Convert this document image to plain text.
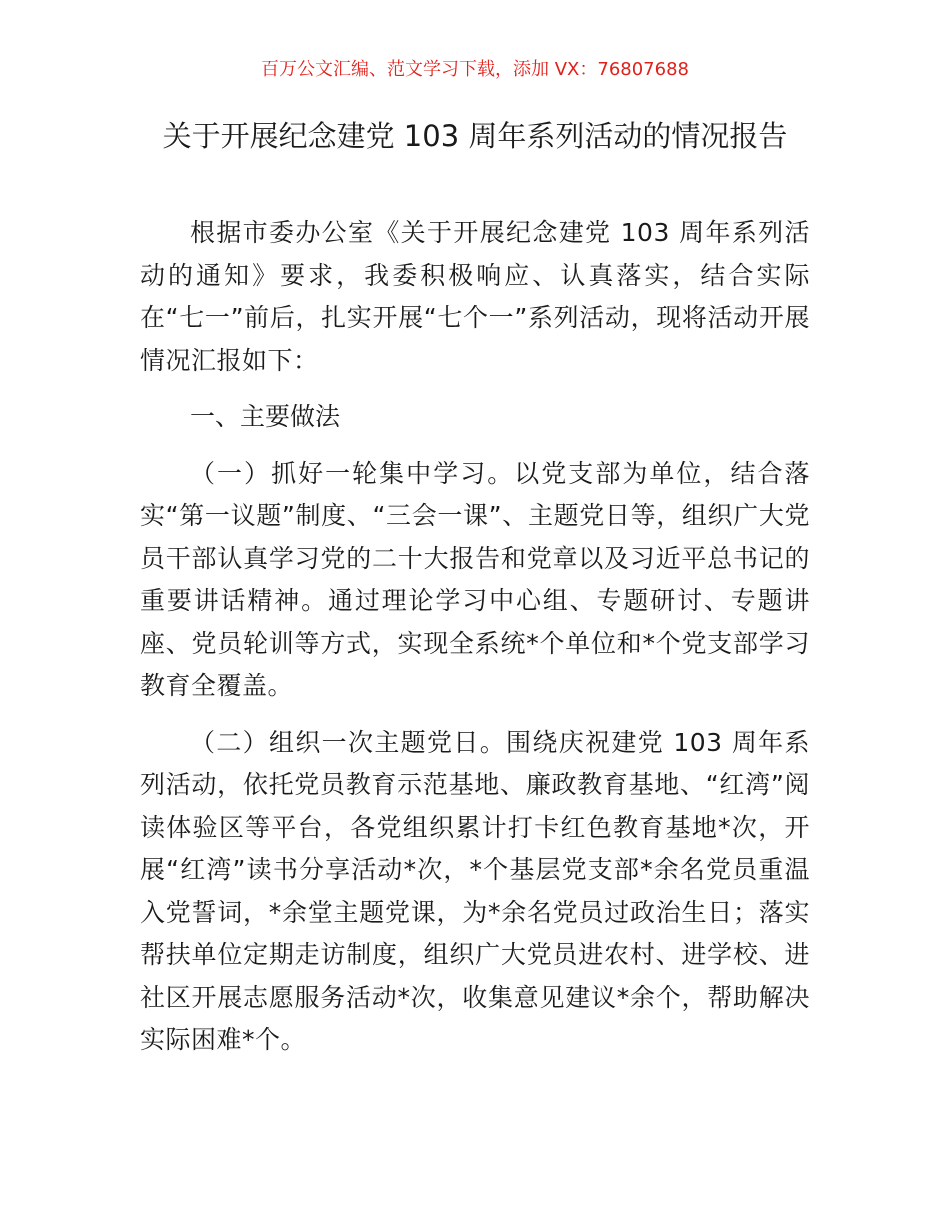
百万公文汇编、范文学习下载，添加 VX：76807688
关于开展纪念建党 103 周年系列活动的情况报告

根据市委办公室《关于开展纪念建党 103 周年系列活动的通知》要求，我委积极响应、认真落实，结合实际在“七一”前后，扎实开展“七个一”系列活动，现将活动开展情况汇报如下：

一、主要做法

（一）抓好一轮集中学习。以党支部为单位，结合落实“第一议题”制度、“三会一课”、主题党日等，组织广大党员干部认真学习党的二十大报告和党章以及习近平总书记的重要讲话精神。通过理论学习中心组、专题研讨、专题讲座、党员轮训等方式，实现全系统*个单位和*个党支部学习教育全覆盖。

（二）组织一次主题党日。围绕庆祝建党 103 周年系列活动，依托党员教育示范基地、廉政教育基地、“红湾”阅读体验区等平台，各党组织累计打卡红色教育基地*次，开展“红湾”读书分享活动*次，*个基层党支部*余名党员重温入党誓词，*余堂主题党课，为*余名党员过政治生日；落实帮扶单位定期走访制度，组织广大党员进农村、进学校、进社区开展志愿服务活动*次，收集意见建议*余个，帮助解决实际困难*个。
